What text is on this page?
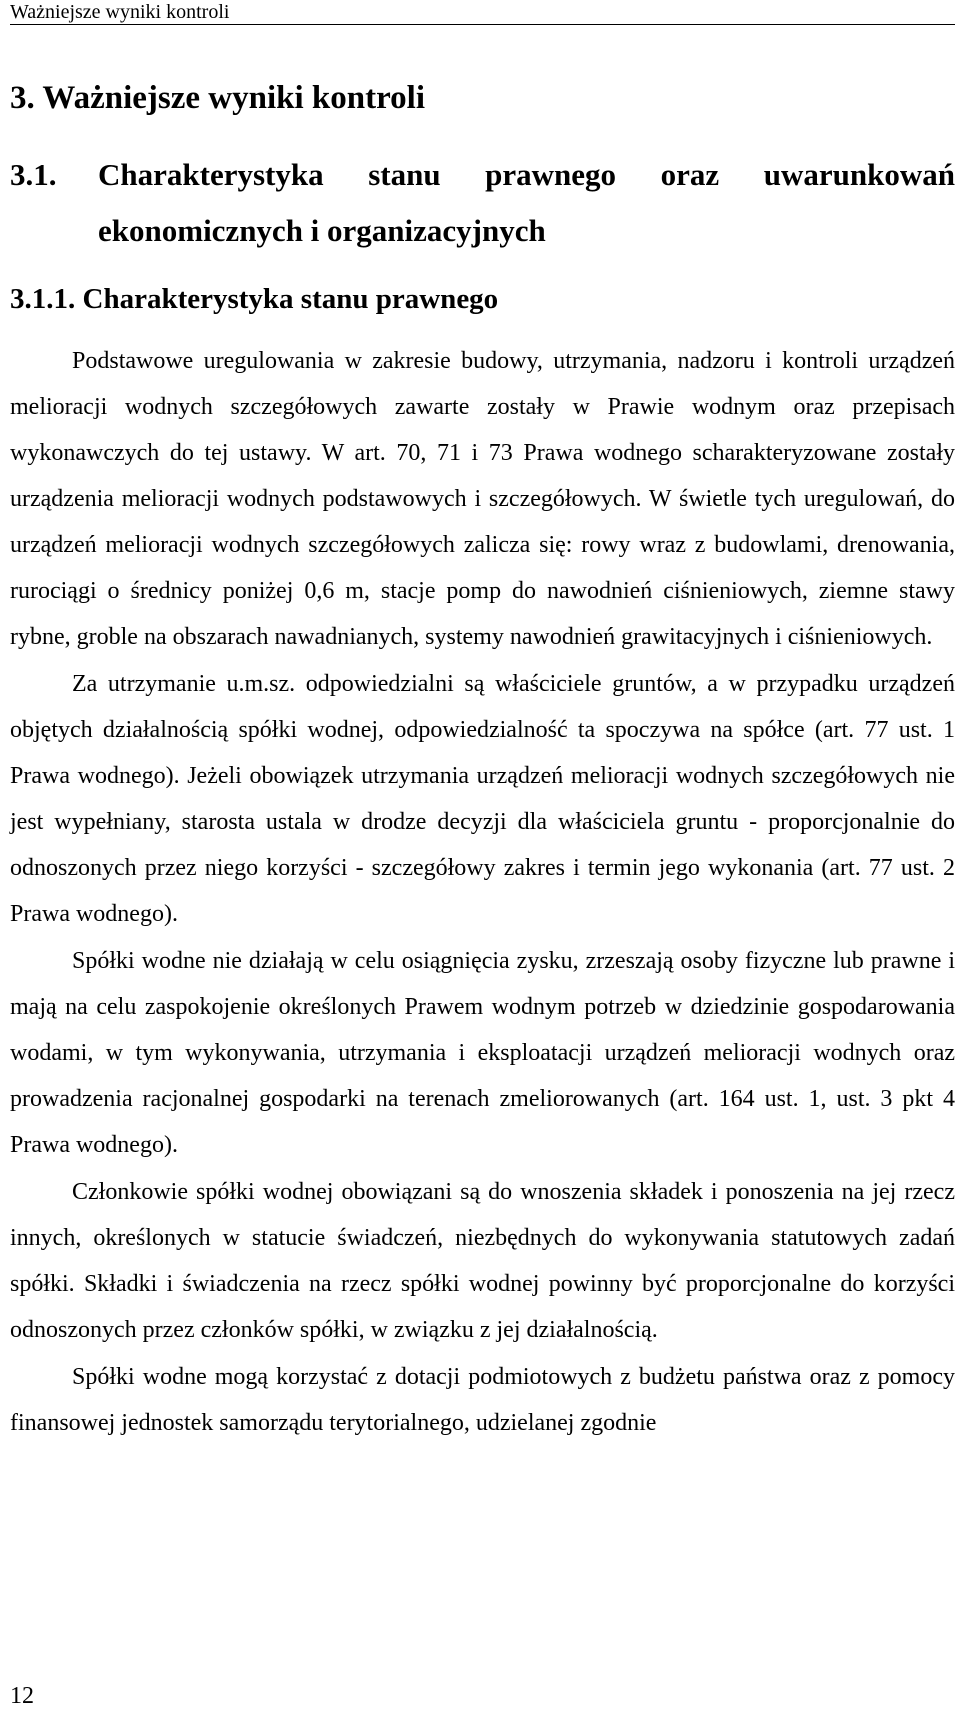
Ważniejsze wyniki kontroli
3. Ważniejsze wyniki kontroli
3.1. Charakterystyka stanu prawnego oraz uwarunkowań ekonomicznych i organizacyjnych
3.1.1. Charakterystyka stanu prawnego

Podstawowe uregulowania w zakresie budowy, utrzymania, nadzoru i kontroli urządzeń melioracji wodnych szczegółowych zawarte zostały w Prawie wodnym oraz przepisach wykonawczych do tej ustawy. W art. 70, 71 i 73 Prawa wodnego scharakteryzowane zostały urządzenia melioracji wodnych podstawowych i szczegółowych. W świetle tych uregulowań, do urządzeń melioracji wodnych szczegółowych zalicza się: rowy wraz z budowlami, drenowania, rurociągi o średnicy poniżej 0,6 m, stacje pomp do nawodnień ciśnieniowych, ziemne stawy rybne, groble na obszarach nawadnianych, systemy nawodnień grawitacyjnych i ciśnieniowych.

Za utrzymanie u.m.sz. odpowiedzialni są właściciele gruntów, a w przypadku urządzeń objętych działalnością spółki wodnej, odpowiedzialność ta spoczywa na spółce (art. 77 ust. 1 Prawa wodnego). Jeżeli obowiązek utrzymania urządzeń melioracji wodnych szczegółowych nie jest wypełniany, starosta ustala w drodze decyzji dla właściciela gruntu - proporcjonalnie do odnoszonych przez niego korzyści - szczegółowy zakres i termin jego wykonania (art. 77 ust. 2 Prawa wodnego).

Spółki wodne nie działają w celu osiągnięcia zysku, zrzeszają osoby fizyczne lub prawne i mają na celu zaspokojenie określonych Prawem wodnym potrzeb w dziedzinie gospodarowania wodami, w tym wykonywania, utrzymania i eksploatacji urządzeń melioracji wodnych oraz prowadzenia racjonalnej gospodarki na terenach zmeliorowanych (art. 164 ust. 1, ust. 3 pkt 4 Prawa wodnego).

Członkowie spółki wodnej obowiązani są do wnoszenia składek i ponoszenia na jej rzecz innych, określonych w statucie świadczeń, niezbędnych do wykonywania statutowych zadań spółki. Składki i świadczenia na rzecz spółki wodnej powinny być proporcjonalne do korzyści odnoszonych przez członków spółki, w związku z jej działalnością.

Spółki wodne mogą korzystać z dotacji podmiotowych z budżetu państwa oraz z pomocy finansowej jednostek samorządu terytorialnego, udzielanej zgodnie

12
